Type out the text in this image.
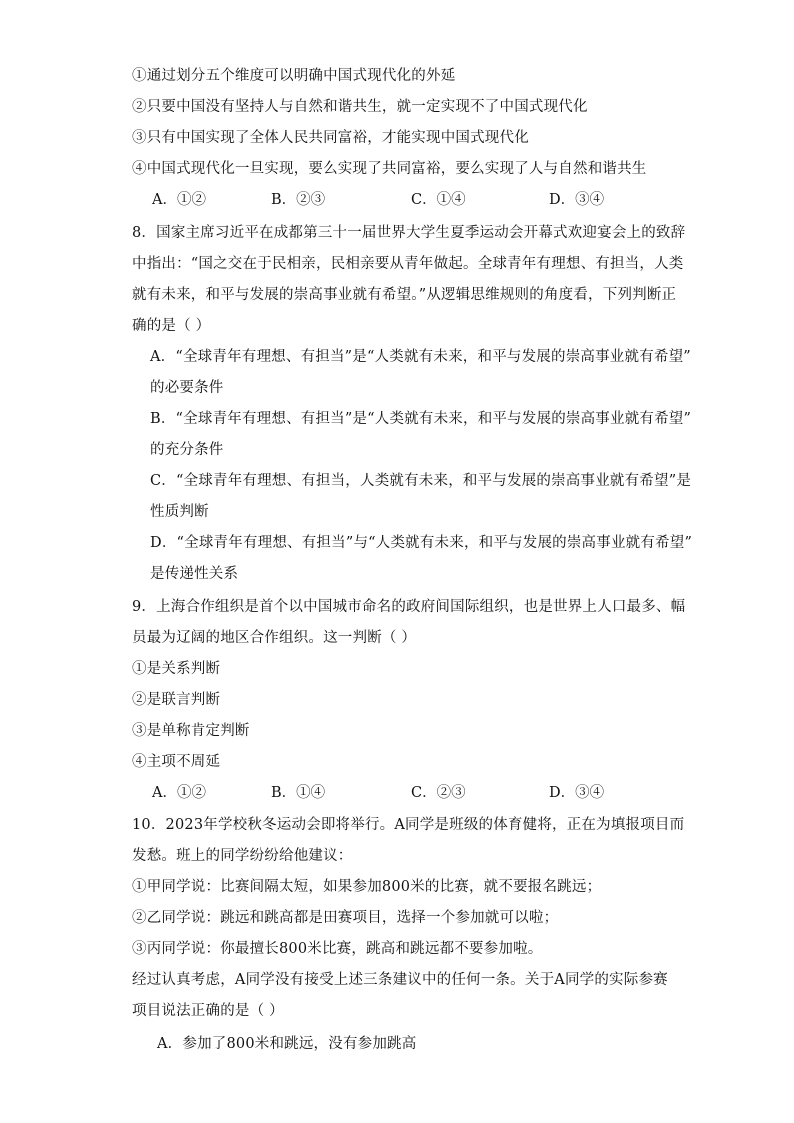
①通过划分五个维度可以明确中国式现代化的外延
②只要中国没有坚持人与自然和谐共生，就一定实现不了中国式现代化
③只有中国实现了全体人民共同富裕，才能实现中国式现代化
④中国式现代化一旦实现，要么实现了共同富裕，要么实现了人与自然和谐共生
A．①②	B．②③	C．①④	D．③④
8．国家主席习近平在成都第三十一届世界大学生夏季运动会开幕式欢迎宴会上的致辞
中指出：“国之交在于民相亲，民相亲要从青年做起。全球青年有理想、有担当，人类
就有未来，和平与发展的崇高事业就有希望。”从逻辑思维规则的角度看，下列判断正
确的是（ ）
A．“全球青年有理想、有担当”是“人类就有未来，和平与发展的崇高事业就有希望”
的必要条件
B．“全球青年有理想、有担当”是“人类就有未来，和平与发展的崇高事业就有希望”
的充分条件
C．“全球青年有理想、有担当，人类就有未来，和平与发展的崇高事业就有希望”是
性质判断
D．“全球青年有理想、有担当”与“人类就有未来，和平与发展的崇高事业就有希望”
是传递性关系
9．上海合作组织是首个以中国城市命名的政府间国际组织，也是世界上人口最多、幅
员最为辽阔的地区合作组织。这一判断（ ）
①是关系判断
②是联言判断
③是单称肯定判断
④主项不周延
A．①②	B．①④	C．②③	D．③④
10．2023年学校秋冬运动会即将举行。A同学是班级的体育健将，正在为填报项目而
发愁。班上的同学纷纷给他建议：
①甲同学说：比赛间隔太短，如果参加800米的比赛，就不要报名跳远；
②乙同学说：跳远和跳高都是田赛项目，选择一个参加就可以啦；
③丙同学说：你最擅长800米比赛，跳高和跳远都不要参加啦。
经过认真考虑，A同学没有接受上述三条建议中的任何一条。关于A同学的实际参赛
项目说法正确的是（ ）
A．参加了800米和跳远，没有参加跳高
